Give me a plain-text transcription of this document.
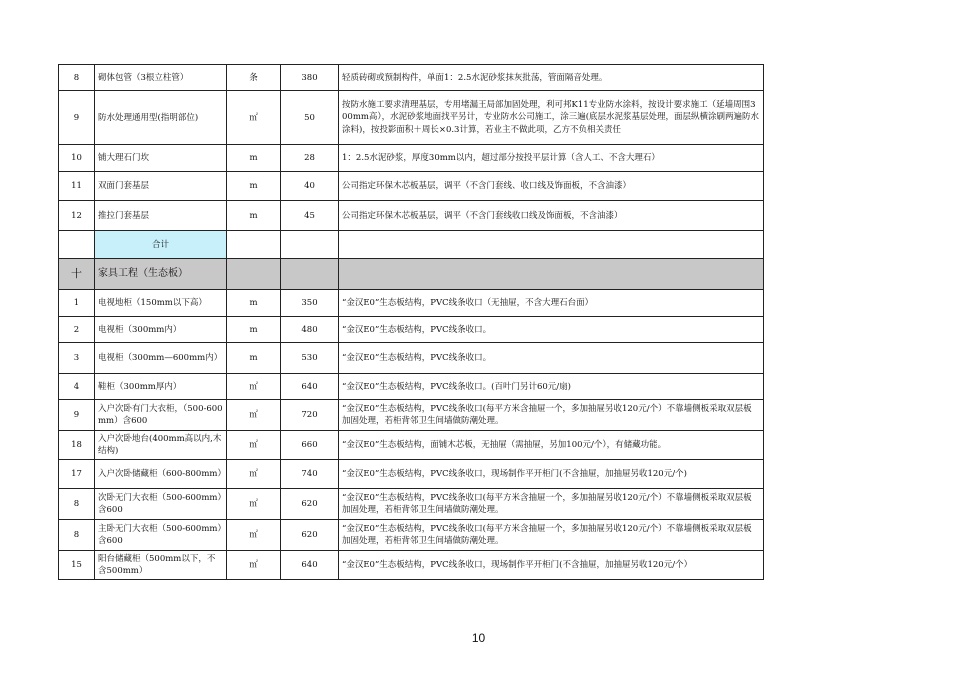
8	砌体包管（3根立柱管）	条	380	轻质砖砌或预制构件，单面1：2.5水泥砂浆抹灰批荡，管面隔音处理。
9	防水处理通用型(指明部位)	㎡	50	按防水施工要求清理基层，专用堵漏王局部加固处理，利可邦K11专业防水涂料，按设计要求施工（延墙周围300mm高），水泥砂浆地面找平另计，专业防水公司施工，涂三遍(底层水泥浆基层处理，面层纵横涂刷两遍防水涂料)，按投影面积＋周长×0.3计算，若业主不做此项，乙方不负相关责任
10	铺大理石门坎	m	28	1：2.5水泥砂浆，厚度30mm以内，超过部分按投平层计算（含人工、不含大理石）
11	双面门套基层	m	40	公司指定环保木芯板基层，调平（不含门套线、收口线及饰面板，不含油漆）
12	推拉门套基层	m	45	公司指定环保木芯板基层，调平（不含门套线收口线及饰面板，不含油漆）
	合计			
十	家具工程（生态板）			
1	电视地柜（150mm以下高）	m	350	“金汉E0”生态板结构，PVC线条收口（无抽屉，不含大理石台面）
2	电视柜（300mm内）	m	480	“金汉E0”生态板结构，PVC线条收口。
3	电视柜（300mm—600mm内）	m	530	“金汉E0”生态板结构，PVC线条收口。
4	鞋柜（300mm厚内）	㎡	640	“金汉E0”生态板结构，PVC线条收口。(百叶门另计60元/扇)
9	入户次卧有门大衣柜，（500-600mm）含600	㎡	720	“金汉E0”生态板结构，PVC线条收口(每平方米含抽屉一个，多加抽屉另收120元/个）不靠墙侧板采取双层板加固处理，若柜背邻卫生间墙做防潮处理。
18	入户次卧地台(400mm高以内,木结构)	㎡	660	“金汉E0”生态板结构，面铺木芯板，无抽屉（需抽屉，另加100元/个），有储藏功能。
17	入户次卧储藏柜（600-800mm）	㎡	740	“金汉E0”生态板结构，PVC线条收口，现场制作平开柜门(不含抽屉，加抽屉另收120元/个)
8	次卧无门大衣柜（500-600mm）含600	㎡	620	“金汉E0”生态板结构，PVC线条收口(每平方米含抽屉一个，多加抽屉另收120元/个）不靠墙侧板采取双层板加固处理，若柜背邻卫生间墙做防潮处理。
8	主卧无门大衣柜（500-600mm）含600	㎡	620	“金汉E0”生态板结构，PVC线条收口(每平方米含抽屉一个，多加抽屉另收120元/个）不靠墙侧板采取双层板加固处理，若柜背邻卫生间墙做防潮处理。
15	阳台储藏柜（500mm以下，不含500mm）	㎡	640	“金汉E0”生态板结构，PVC线条收口，现场制作平开柜门(不含抽屉，加抽屉另收120元/个）
10
